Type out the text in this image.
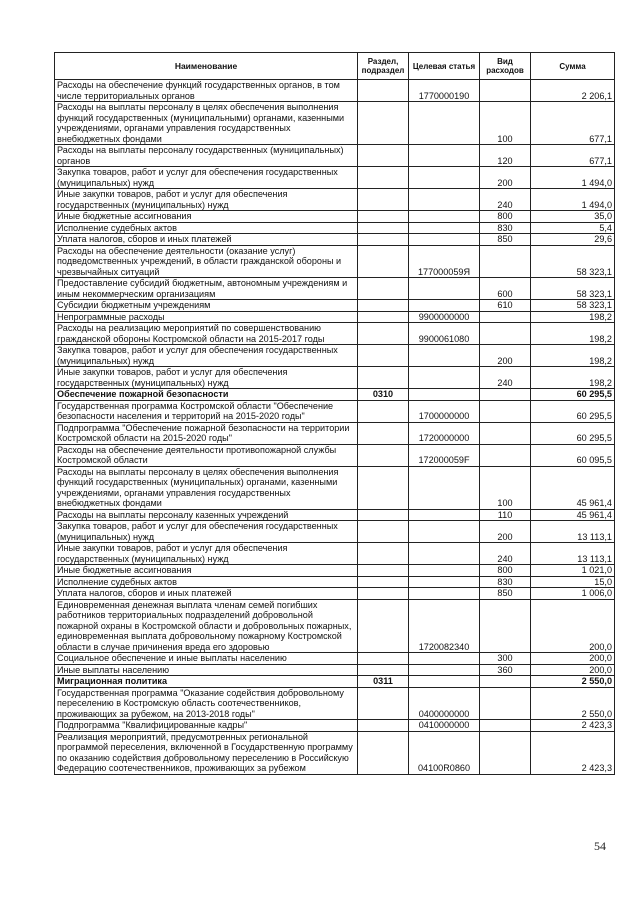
Наименование	Раздел, подраздел	Целевая статья	Вид расходов	Сумма
Расходы на обеспечение функций государственных органов, в том числе территориальных органов		1770000190		2 206,1
Расходы на выплаты персоналу в целях обеспечения выполнения функций государственных (муниципальными) органами, казенными учреждениями, органами управления государственных внебюджетных фондами			100	677,1
Расходы на выплаты персоналу государственных (муниципальных) органов			120	677,1
Закупка товаров, работ и услуг для обеспечения государственных (муниципальных) нужд			200	1 494,0
Иные закупки товаров, работ и услуг для обеспечения государственных (муниципальных) нужд			240	1 494,0
Иные бюджетные ассигнования			800	35,0
Исполнение судебных актов			830	5,4
Уплата налогов, сборов и иных платежей			850	29,6
Расходы на обеспечение деятельности (оказание услуг) подведомственных учреждений, в области гражданской обороны и чрезвычайных ситуаций		177000059Я		58 323,1
Предоставление субсидий бюджетным, автономным учреждениям и иным некоммерческим организациям			600	58 323,1
Субсидии бюджетным учреждениям			610	58 323,1
Непрограммные расходы		9900000000		198,2
Расходы на реализацию мероприятий по совершенствованию гражданской обороны Костромской области на 2015-2017 годы		9900061080		198,2
Закупка товаров, работ и услуг для обеспечения государственных (муниципальных) нужд			200	198,2
Иные закупки товаров, работ и услуг для обеспечения государственных (муниципальных) нужд			240	198,2
Обеспечение пожарной безопасности	0310			60 295,5
Государственная программа Костромской области "Обеспечение безопасности населения и территорий на 2015-2020 годы"		1700000000		60 295,5
Подпрограмма "Обеспечение пожарной безопасности на территории Костромской области на 2015-2020 годы"		1720000000		60 295,5
Расходы на обеспечение деятельности противопожарной службы Костромской области		172000059F		60 095,5
Расходы на выплаты персоналу в целях обеспечения выполнения функций государственных (муниципальных) органами, казенными учреждениями, органами управления государственных внебюджетных фондами			100	45 961,4
Расходы на выплаты персоналу казенных учреждений			110	45 961,4
Закупка товаров, работ и услуг для обеспечения государственных (муниципальных) нужд			200	13 113,1
Иные закупки товаров, работ и услуг для обеспечения государственных (муниципальных) нужд			240	13 113,1
Иные бюджетные ассигнования			800	1 021,0
Исполнение судебных актов			830	15,0
Уплата налогов, сборов и иных платежей			850	1 006,0
Единовременная денежная выплата членам семей погибших работников территориальных подразделений добровольной пожарной охраны в Костромской области и добровольных пожарных, единовременная выплата добровольному пожарному Костромской области в случае причинения вреда его здоровью		1720082340		200,0
Социальное обеспечение и иные выплаты населению			300	200,0
Иные выплаты населению			360	200,0
Миграционная политика	0311			2 550,0
Государственная программа "Оказание содействия добровольному переселению в Костромскую область соотечественников, проживающих за рубежом, на 2013-2018 годы"		0400000000		2 550,0
Подпрограмма "Квалифицированные кадры"		0410000000		2 423,3
Реализация мероприятий, предусмотренных региональной программой переселения, включенной в Государственную программу по оказанию содействия добровольному переселению в Российскую Федерацию соотечественников, проживающих за рубежом		04100R0860		2 423,3
54
